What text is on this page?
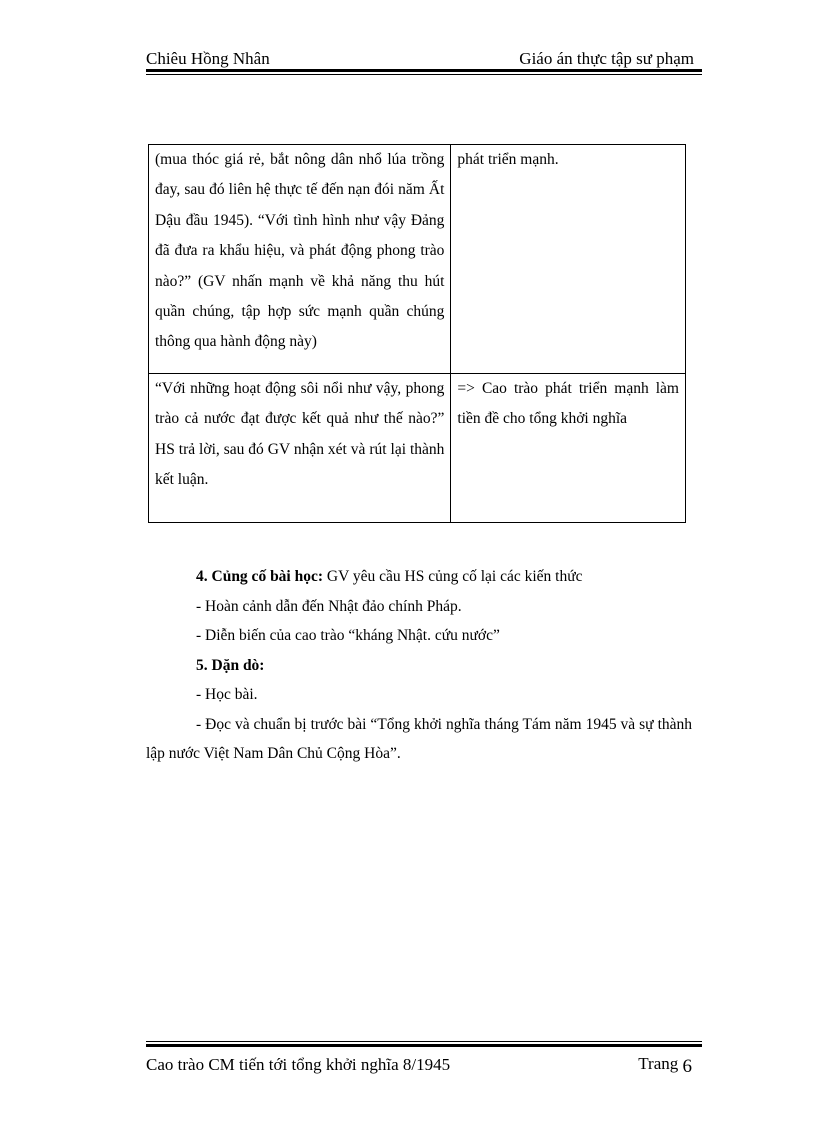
Chiêu Hồng Nhân	Giáo án thực tập sư phạm

(mua thóc giá rẻ, bắt nông dân nhổ lúa trồng đay, sau đó liên hệ thực tế đến nạn đói năm Ất Dậu đầu 1945). “Với tình hình như vậy Đảng đã đưa ra khẩu hiệu, và phát động phong trào nào?” (GV nhấn mạnh về khả năng thu hút quần chúng, tập hợp sức mạnh quần chúng thông qua hành động này)	phát triển mạnh.

“Với những hoạt động sôi nổi như vậy, phong trào cả nước đạt được kết quả như thế nào?” HS trả lời, sau đó GV nhận xét và rút lại thành kết luận.	=> Cao trào phát triển mạnh làm tiền đề cho tổng khởi nghĩa

4. Củng cố bài học: GV yêu cầu HS củng cố lại các kiến thức

- Hoàn cảnh dẫn đến Nhật đảo chính Pháp.

- Diễn biến của cao trào “kháng Nhật. cứu nước”

5. Dặn dò:

- Học bài.

- Đọc và chuẩn bị trước bài “Tổng khởi nghĩa tháng Tám năm 1945 và sự thành lập nước Việt Nam Dân Chủ Cộng Hòa”.

Cao trào CM tiến tới tổng khởi nghĩa 8/1945	Trang 6
